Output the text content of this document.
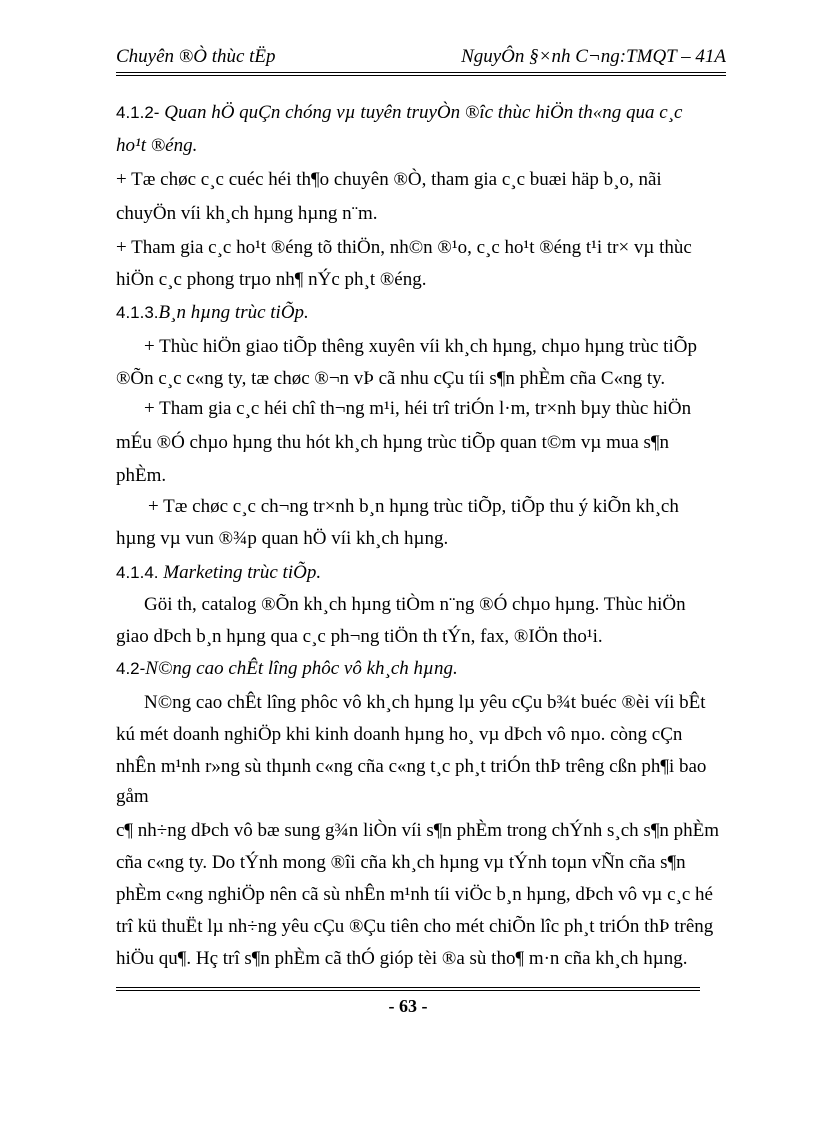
Chuyên ®Ò thùc tËp	NguyÔn §×nh C¬ng:TMQT – 41A
4.1.2- Quan hÖ quÇn chóng vµ tuyên truyÒn ®îc thùc hiÖn th«ng qua c¸c
ho¹t ®éng.
+ Tæ chøc c¸c cuéc héi th¶o chuyên ®Ò, tham gia c¸c buæi häp b¸o, nãi
chuyÖn víi kh¸ch hµng hµng n¨m.
+ Tham gia c¸c ho¹t ®éng tõ thiÖn, nh©n ®¹o, c¸c ho¹t ®éng t¹i tr× vµ thùc
hiÖn c¸c phong trµo nh¶ nÝc ph¸t ®éng.
4.1.3.B¸n hµng trùc tiÕp.
+ Thùc hiÖn giao tiÕp thêng xuyên víi kh¸ch hµng, chµo hµng trùc tiÕp
®Õn c¸c c«ng ty, tæ chøc ®¬n vÞ cã nhu cÇu tíi s¶n phÈm cña C«ng ty.
+ Tham gia c¸c héi chî th¬ng m¹i, héi trî triÓn l·m, tr×nh bµy thùc hiÖn
mÉu ®Ó chµo hµng thu hót kh¸ch hµng trùc tiÕp quan t©m vµ mua s¶n
phÈm.
+ Tæ chøc c¸c ch¬ng tr×nh b¸n hµng trùc tiÕp, tiÕp thu ý kiÕn kh¸ch
hµng vµ vun ®¾p quan hÖ víi kh¸ch hµng.
4.1.4. Marketing trùc tiÕp.
Göi th, catalog ®Õn kh¸ch hµng tiÒm n¨ng ®Ó chµo hµng. Thùc hiÖn
giao dÞch b¸n hµng qua c¸c ph¬ng tiÖn th tÝn, fax, ®IÖn tho¹i.
4.2-N©ng cao chÊt lîng phôc vô kh¸ch hµng.
N©ng cao chÊt lîng phôc vô kh¸ch hµng lµ yêu cÇu b¾t buéc ®èi víi bÊt
kú mét doanh nghiÖp khi kinh doanh hµng ho¸ vµ dÞch vô nµo. còng cÇn
nhÊn m¹nh r»ng sù thµnh c«ng cña c«ng t¸c ph¸t triÓn thÞ trêng cßn ph¶i bao
gåm
c¶ nh÷ng dÞch vô bæ sung g¾n liÒn víi s¶n phÈm trong chÝnh s¸ch s¶n phÈm
cña c«ng ty. Do tÝnh mong ®îi cña kh¸ch hµng vµ tÝnh toµn vÑn cña s¶n
phÈm c«ng nghiÖp nên cã sù nhÊn m¹nh tíi viÖc b¸n hµng, dÞch vô vµ c¸c hé
trî kü thuËt lµ nh÷ng yêu cÇu ®Çu tiên cho mét chiÕn lîc ph¸t triÓn thÞ trêng
hiÖu qu¶. Hç trî s¶n phÈm cã thÓ gióp tèi ®a sù tho¶ m·n cña kh¸ch hµng.
- 63 -
